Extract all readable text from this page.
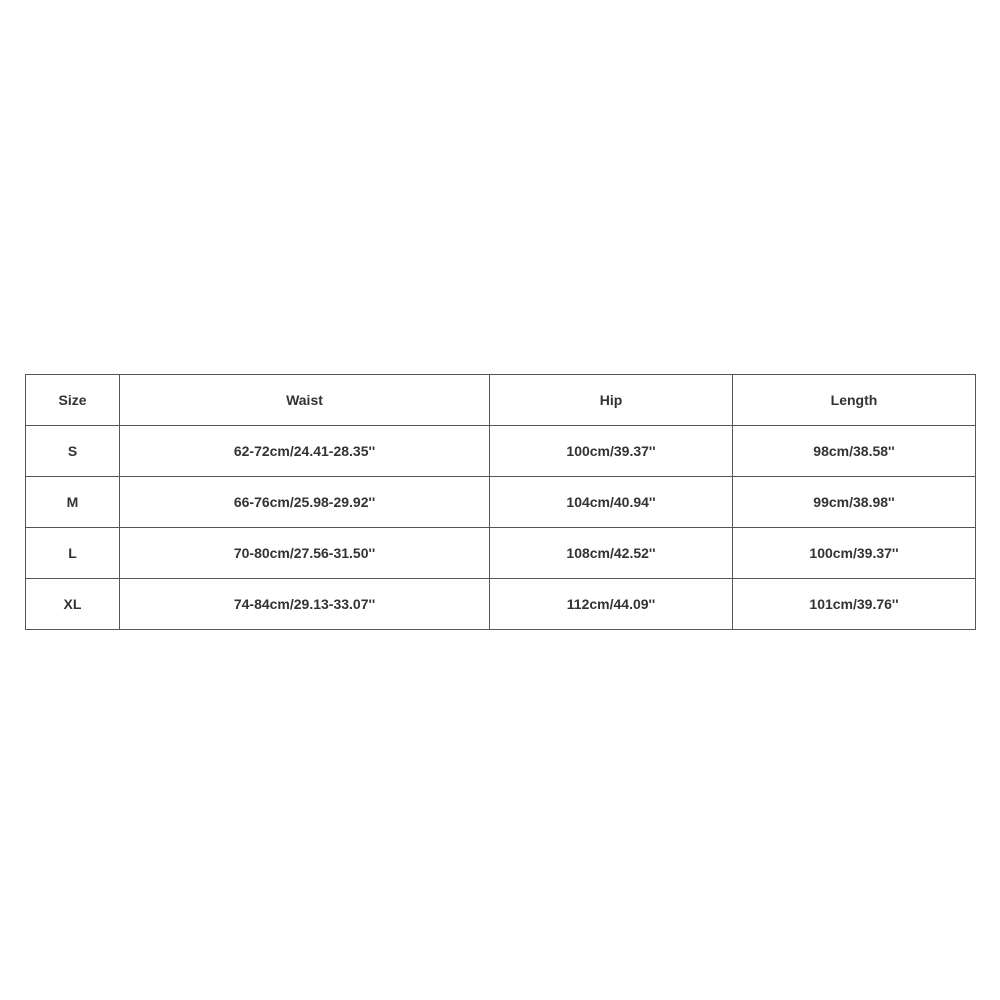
Size	Waist	Hip	Length
S	62-72cm/24.41-28.35''	100cm/39.37''	98cm/38.58''
M	66-76cm/25.98-29.92''	104cm/40.94''	99cm/38.98''
L	70-80cm/27.56-31.50''	108cm/42.52''	100cm/39.37''
XL	74-84cm/29.13-33.07''	112cm/44.09''	101cm/39.76''
